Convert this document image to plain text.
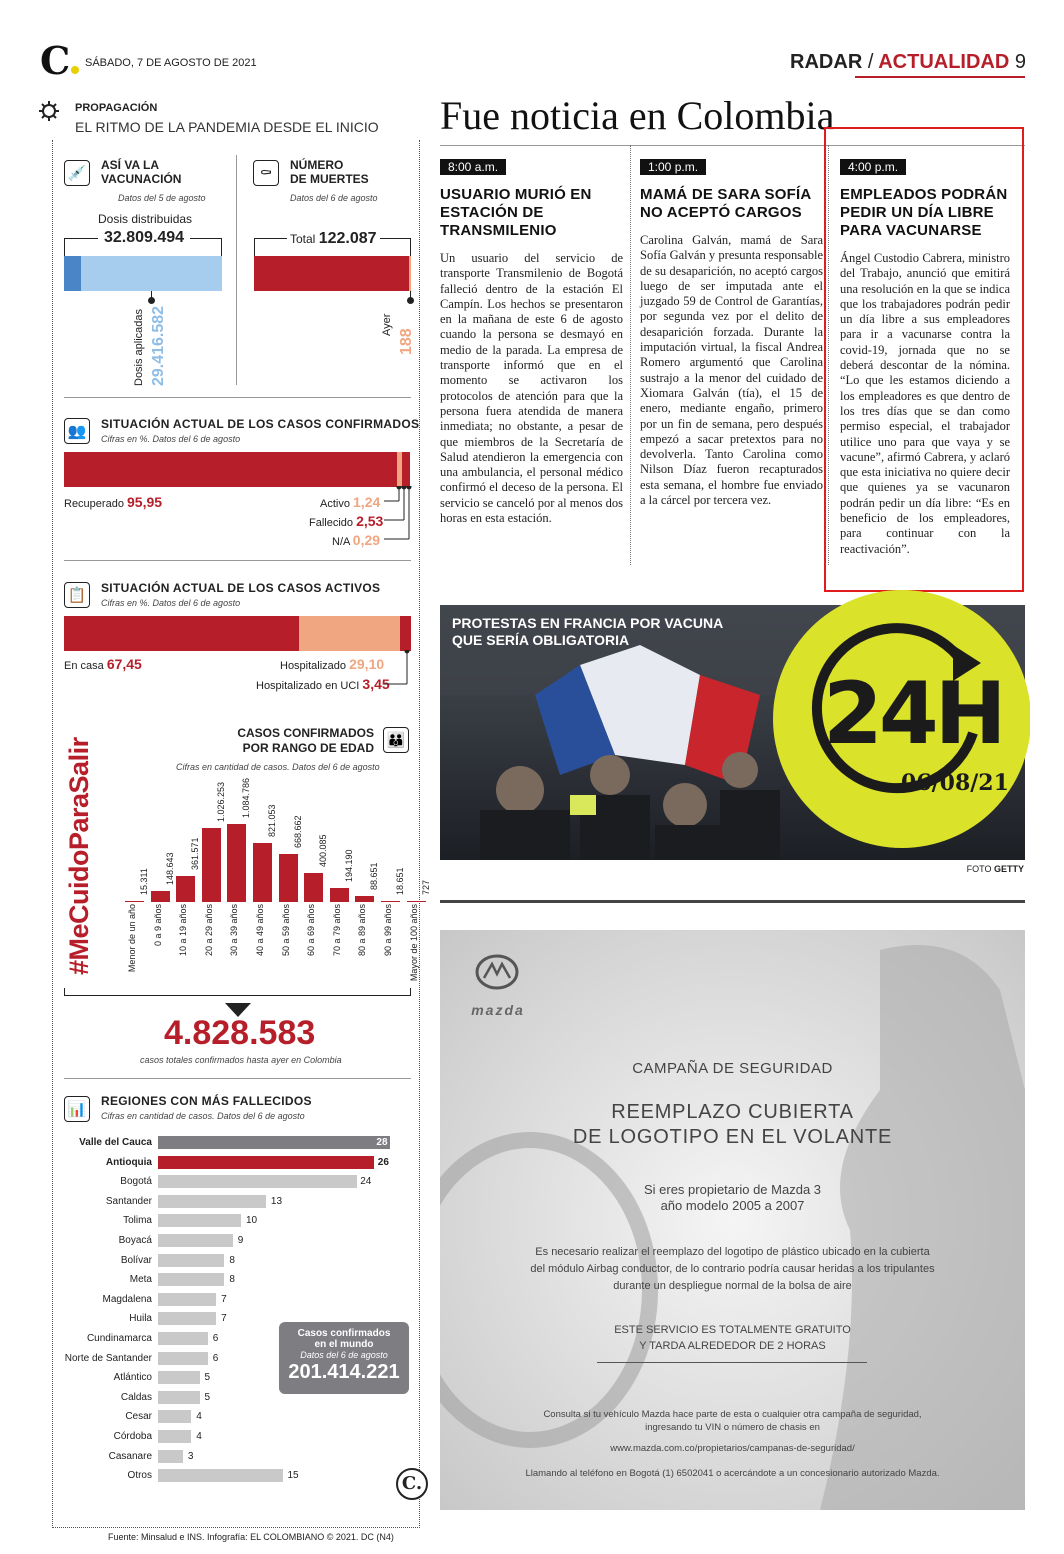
C	SÁBADO, 7 DE AGOSTO DE 2021	RADAR / ACTUALIDAD 9
PROPAGACIÓN
EL RITMO DE LA PANDEMIA DESDE EL INICIO
💉	ASÍ VA LA
VACUNACIÓN
Datos del 5 de agosto
Dosis distribuidas
32.809.494
29.416.582
Dosis aplicadas
⚰	NÚMERO
DE MUERTES
Datos del 6 de agosto
Total 122.087
188
Ayer
👥	SITUACIÓN ACTUAL DE LOS CASOS CONFIRMADOS
Cifras en %. Datos del 6 de agosto
Recuperado 95,95	Activo 1,24
Fallecido 2,53
N/A 0,29
📋	SITUACIÓN ACTUAL DE LOS CASOS ACTIVOS
Cifras en %. Datos del 6 de agosto
En casa 67,45	Hospitalizado 29,10
Hospitalizado en UCI 3,45
#MeCuidoParaSalir
CASOS CONFIRMADOS
POR RANGO DE EDAD 👪
Cifras en cantidad de casos. Datos del 6 de agosto
15.311
Menor de un año
148.643
0 a 9 años
361.571
10 a 19 años
1.026.253
20 a 29 años
1.084.786
30 a 39 años
821.053
40 a 49 años
668.662
50 a 59 años
400.085
60 a 69 años
194.190
70 a 79 años
88.651
80 a 89 años
18.651
90 a 99 años
727
Mayor de 100 años
4.828.583
casos totales confirmados hasta ayer en Colombia
📊	REGIONES CON MÁS FALLECIDOS
Cifras en cantidad de casos. Datos del 6 de agosto
Valle del Cauca	28
Antioquia	26
Bogotá	24
Santander	13
Tolima	10
Boyacá	9
Bolívar	8
Meta	8
Magdalena	7
Huila	7
Cundinamarca	6
Norte de Santander	6
Atlántico	5
Caldas	5
Cesar	4
Córdoba	4
Casanare	3
Otros	15
Casos confirmados
en el mundo
Datos del 6 de agosto
201.414.221
C.
Fuente: Minsalud e INS. Infografía: EL COLOMBIANO © 2021. DC (N4)
Fue noticia en Colombia
8:00 a.m.
USUARIO MURIÓ EN ESTACIÓN DE TRANSMILENIO
Un usuario del servicio de transporte Transmilenio de Bogotá falleció dentro de la estación El Campín. Los hechos se presentaron en la mañana de este 6 de agosto cuando la persona se desmayó en medio de la parada. La empresa de transporte informó que en el momento se activaron los protocolos de atención para que la persona fuera atendida de manera inmediata; no obstante, a pesar de que miembros de la Secretaría de Salud atendieron la emergencia con una ambulancia, el personal médico confirmó el deceso de la persona. El servicio se canceló por al menos dos horas en esta estación.
1:00 p.m.
MAMÁ DE SARA SOFÍA NO ACEPTÓ CARGOS
Carolina Galván, mamá de Sara Sofía Galván y presunta responsable de su desaparición, no aceptó cargos luego de ser imputada ante el juzgado 59 de Control de Garantías, por segunda vez por el delito de desaparición forzada. Durante la imputación virtual, la fiscal Andrea Romero argumentó que Carolina sustrajo a la menor del cuidado de Xiomara Galván (tía), el 15 de enero, mediante engaño, primero por un fin de semana, pero después empezó a sacar pretextos para no devolverla. Tanto Carolina como Nilson Díaz fueron recapturados esta semana, el hombre fue enviado a la cárcel por tercera vez.
4:00 p.m.
EMPLEADOS PODRÁN PEDIR UN DÍA LIBRE PARA VACUNARSE
Ángel Custodio Cabrera, ministro del Trabajo, anunció que emitirá una resolución en la que se indica que los trabajadores podrán pedir un día libre a sus empleadores para ir a vacunarse contra la covid-19, jornada que no se deberá descontar de la nómina. “Lo que les estamos diciendo a los empleadores es que dentro de los tres días que se dan como permiso especial, el trabajador utilice uno para que vaya y se vacune”, afirmó Cabrera, y aclaró que esta iniciativa no quiere decir que quienes ya se vacunaron podrán pedir un día libre: “Es en beneficio de los empleadores, para continuar con la reactivación”.
PROTESTAS EN FRANCIA POR VACUNA QUE SERÍA OBLIGATORIA
24H
06/08/21
FOTO GETTY
mazda
CAMPAÑA DE SEGURIDAD
REEMPLAZO CUBIERTA
DE LOGOTIPO EN EL VOLANTE
Si eres propietario de Mazda 3
año modelo 2005 a 2007
Es necesario realizar el reemplazo del logotipo de plástico ubicado en la cubierta
del módulo Airbag conductor, de lo contrario podría causar heridas a los tripulantes
durante un despliegue normal de la bolsa de aire
ESTE SERVICIO ES TOTALMENTE GRATUITO
Y TARDA ALREDEDOR DE 2 HORAS
Consulta si tu vehículo Mazda hace parte de esta o cualquier otra campaña de seguridad,
ingresando tu VIN o número de chasis en
www.mazda.com.co/propietarios/campanas-de-seguridad/
Llamando al teléfono en Bogotá (1) 6502041 o acercándote a un concesionario autorizado Mazda.
